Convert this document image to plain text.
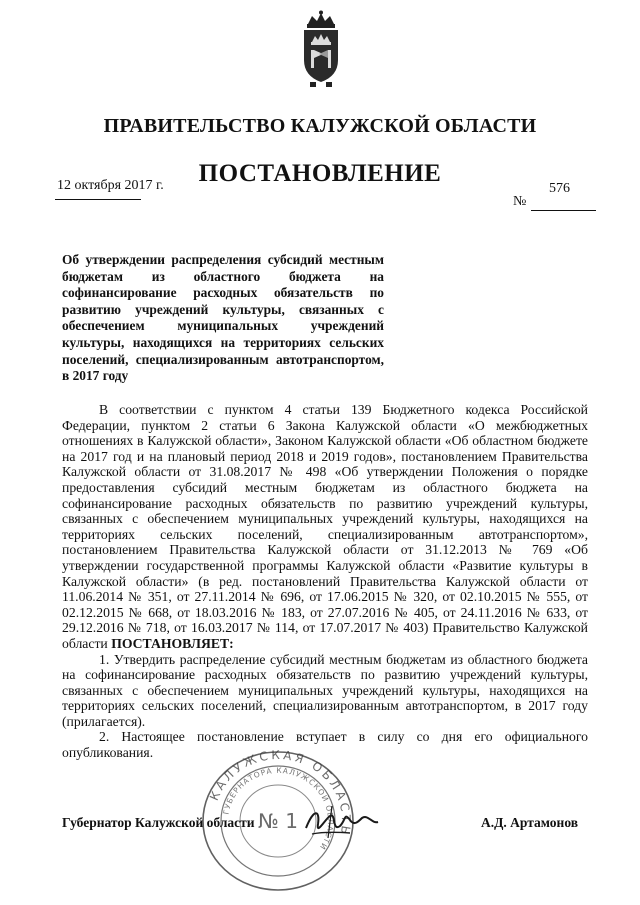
ПРАВИТЕЛЬСТВО КАЛУЖСКОЙ ОБЛАСТИ
ПОСТАНОВЛЕНИЕ
12 октября 2017 г.	576
№
Об утверждении распределения субсидий местным бюджетам из областного бюджета на софинансирование расходных обязательств по развитию учреждений культуры, связанных с обеспечением муниципальных учреждений культуры, находящихся на территориях сельских поселений, специализированным автотранспортом, в 2017 году

В соответствии с пунктом 4 статьи 139 Бюджетного кодекса Российской Федерации, пунктом 2 статьи 6 Закона Калужской области «О межбюджетных отношениях в Калужской области», Законом Калужской области «Об областном бюджете на 2017 год и на плановый период 2018 и 2019 годов», постановлением Правительства Калужской области от 31.08.2017 № 498 «Об утверждении Положения о порядке предоставления субсидий местным бюджетам из областного бюджета на софинансирование расходных обязательств по развитию учреждений культуры, связанных с обеспечением муниципальных учреждений культуры, находящихся на территориях сельских поселений, специализированным автотранспортом», постановлением Правительства Калужской области от 31.12.2013 № 769 «Об утверждении государственной программы Калужской области «Развитие культуры в Калужской области» (в ред. постановлений Правительства Калужской области от 11.06.2014 № 351, от 27.11.2014 № 696, от 17.06.2015 № 320, от 02.10.2015 № 555, от 02.12.2015 № 668, от 18.03.2016 № 183, от 27.07.2016 № 405, от 24.11.2016 № 633, от 29.12.2016 № 718, от 16.03.2017 № 114, от 17.07.2017 № 403) Правительство Калужской области ПОСТАНОВЛЯЕТ:

1. Утвердить распределение субсидий местным бюджетам из областного бюджета на софинансирование расходных обязательств по развитию учреждений культуры, связанных с обеспечением муниципальных учреждений культуры, находящихся на территориях сельских поселений, специализированным автотранспортом, в 2017 году (прилагается).

2. Настоящее постановление вступает в силу со дня его официального опубликования.

Губернатор Калужской области	А.Д. Артамонов
КАЛУЖСКАЯ ОБЛАСТЬ
ГУБЕРНАТОРА КАЛУЖСКОЙ ОБЛАСТИ
№ 1
